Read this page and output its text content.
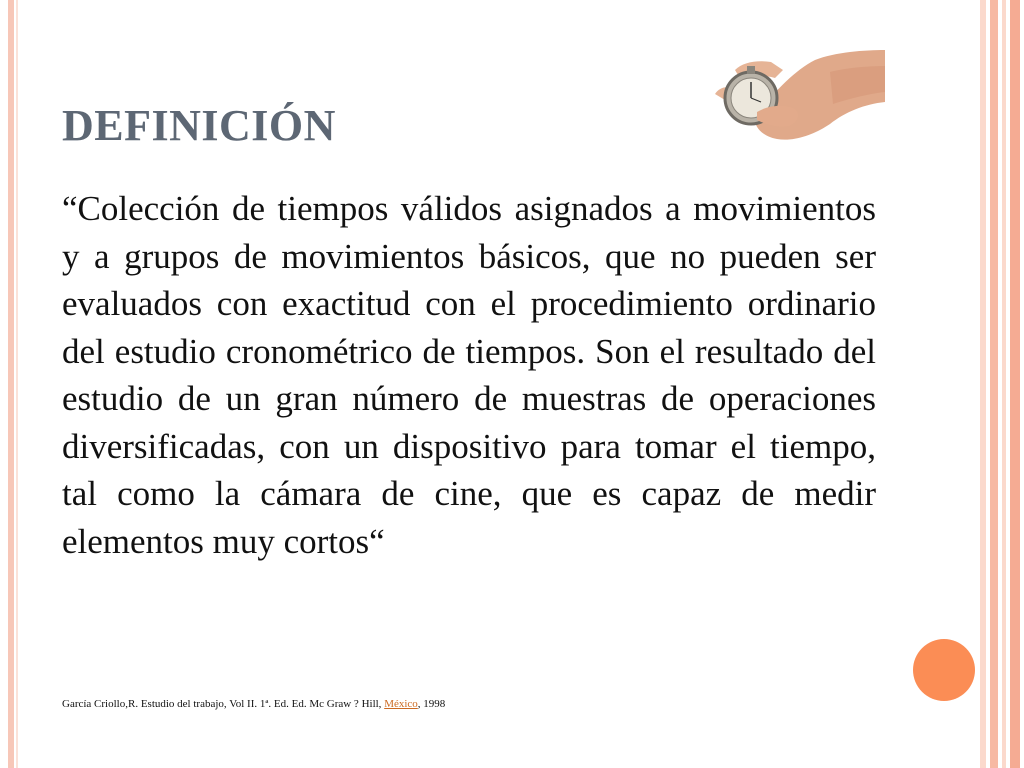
DEFINICIÓN
“Colección de tiempos válidos asignados a movimientos y a grupos de movimientos básicos, que no pueden ser evaluados con exactitud con el procedimiento ordinario del estudio cronométrico de tiempos. Son el resultado del estudio de un gran número de muestras de operaciones diversificadas, con un dispositivo para tomar el tiempo, tal como la cámara de cine, que es capaz de medir elementos muy cortos“
García Criollo,R. Estudio del trabajo, Vol II. 1ª. Ed. Ed. Mc Graw ? Hill, México, 1998
